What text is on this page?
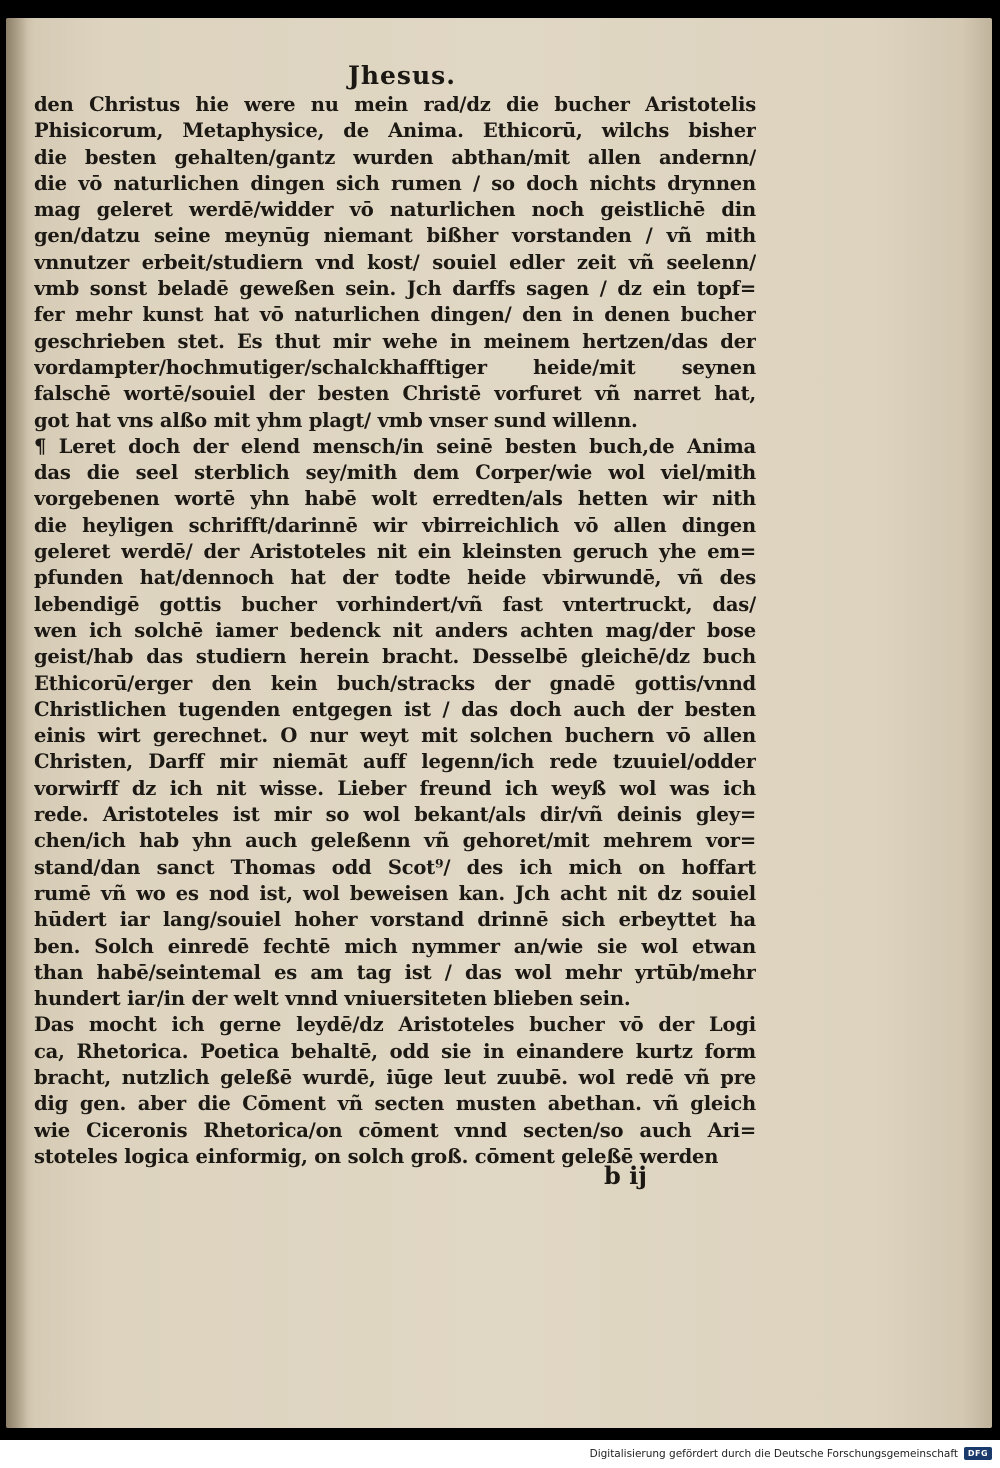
Jhesus.
den Christus hie were nu mein rad/dz die bucher Aristotelis
Phisicorum, Metaphysice, de Anima. Ethicorū, wilchs bisher
die besten gehalten/gantz wurden abthan/mit allen andernn/
die vō naturlichen dingen sich rumen / so doch nichts drynnen
mag geleret werdē/widder vō naturlichen noch geistlichē din
gen/datzu seine meynūg niemant bißher vorstanden / vñ mith
vnnutzer erbeit/studiern vnd kost/ souiel edler zeit vñ seelenn/
vmb sonst beladē geweßen sein. Jch darffs sagen / dz ein topf=
fer mehr kunst hat vō naturlichen dingen/ den in denen bucher
geschrieben stet. Es thut mir wehe in meinem hertzen/das der
vordampter/hochmutiger/schalckhafftiger heide/mit seynen
falschē wortē/souiel der besten Christē vorfuret vñ narret hat,
got hat vns alßo mit yhm plagt/ vmb vnser sund willenn.
¶ Leret doch der elend mensch/in seinē besten buch,de Anima
das die seel sterblich sey/mith dem Corper/wie wol viel/mith
vorgebenen wortē yhn habē wolt erredten/als hetten wir nith
die heyligen schrifft/darinnē wir vbirreichlich vō allen dingen
geleret werdē/ der Aristoteles nit ein kleinsten geruch yhe em=
pfunden hat/dennoch hat der todte heide vbirwundē, vñ des
lebendigē gottis bucher vorhindert/vñ fast vntertruckt, das/
wen ich solchē iamer bedenck nit anders achten mag/der bose
geist/hab das studiern herein bracht. Desselbē gleichē/dz buch
Ethicorū/erger den kein buch/stracks der gnadē gottis/vnnd
Christlichen tugenden entgegen ist / das doch auch der besten
einis wirt gerechnet. O nur weyt mit solchen buchern vō allen
Christen, Darff mir niemāt auff legenn/ich rede tzuuiel/odder
vorwirff dz ich nit wisse. Lieber freund ich weyß wol was ich
rede. Aristoteles ist mir so wol bekant/als dir/vñ deinis gley=
chen/ich hab yhn auch geleßenn vñ gehoret/mit mehrem vor=
stand/dan sanct Thomas odd Scot⁹/ des ich mich on hoffart
rumē vñ wo es nod ist, wol beweisen kan. Jch acht nit dz souiel
hūdert iar lang/souiel hoher vorstand drinnē sich erbeyttet ha
ben. Solch einredē fechtē mich nymmer an/wie sie wol etwan
than habē/seintemal es am tag ist / das wol mehr yrtūb/mehr
hundert iar/in der welt vnnd vniuersiteten blieben sein.
Das mocht ich gerne leydē/dz Aristoteles bucher vō der Logi
ca, Rhetorica. Poetica behaltē, odd sie in einandere kurtz form
bracht, nutzlich geleßē wurdē, iūge leut zuubē. wol redē vñ pre
dig gen. aber die Cōment vñ secten musten abethan. vñ gleich
wie Ciceronis Rhetorica/on cōment vnnd secten/so auch Ari=
stoteles logica einformig, on solch groß. cōment geleßē werden
b ij
Digitalisierung gefördert durch die Deutsche Forschungsgemeinschaft	DFG
